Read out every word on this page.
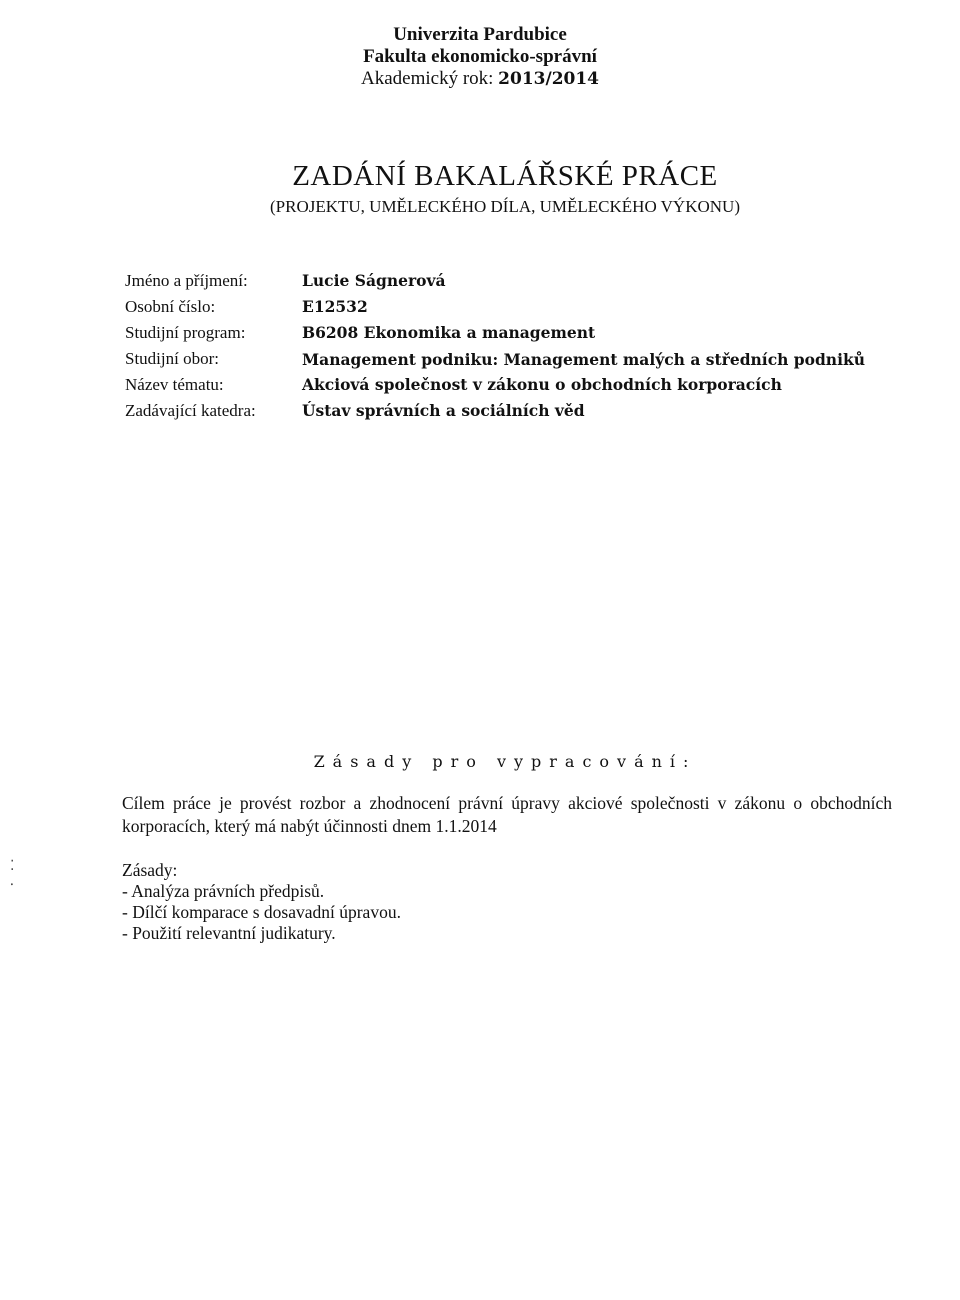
Univerzita Pardubice
Fakulta ekonomicko-správní
Akademický rok: 2013/2014
ZADÁNÍ BAKALÁŘSKÉ PRÁCE
(PROJEKTU, UMĚLECKÉHO DÍLA, UMĚLECKÉHO VÝKONU)
Jméno a příjmení:	Lucie Ságnerová
Osobní číslo:	E12532
Studijní program:	B6208 Ekonomika a management
Studijní obor:	Management podniku: Management malých a středních podniků
Název tématu:	Akciová společnost v zákonu o obchodních korporacích
Zadávající katedra:	Ústav správních a sociálních věd
Zásady pro vypracování:
Cílem práce je provést rozbor a zhodnocení právní úpravy akciové společnosti v zákonu o obchodních korporacích, který má nabýt účinnosti dnem 1.1.2014
⁚
⸱
Zásady:
- Analýza právních předpisů.
- Dílčí komparace s dosavadní úpravou.
- Použití relevantní judikatury.
